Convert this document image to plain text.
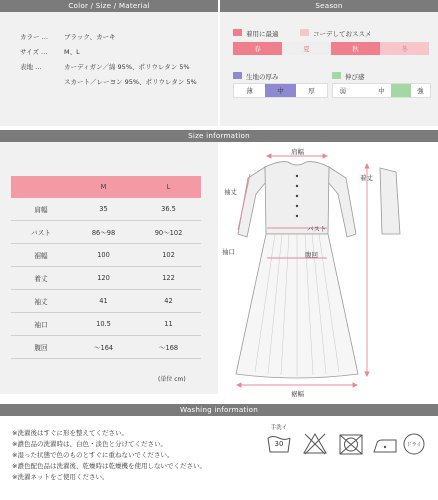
Color / Size / Material	Season
カラー … ブラック、カーキ
サイズ …	M、L
表地 …	カーディガン／綿 95%、ポリウレタン 5%
スカート／レーヨン 95%、ポリウレタン 5%
着用に最適	コーデしておススメ
春	夏	秋	冬
生地の厚み	伸び感
薄	中	厚	弱	中	強
Size information
	M	L
肩幅	35	36.5
バスト	86〜98	90〜102
裾幅	100	102
着丈	120	122
袖丈	41	42
袖口	10.5	11
腹回	〜164	〜168
(単位 cm)
肩幅
着丈
袖丈
バスト
袖口	腹回
裾幅
Washing information
※洗濯後はすぐに形を整えてください。
※濃色品の洗濯時は、白色・淡色と分けてください。
※湿った状態で色のものとすぐに重ねないでください。
※濃色配色品は洗濯後、乾燥時は乾燥機を使用しないでください。
※洗濯ネットをご使用ください。
手洗イ
30	ドライ
